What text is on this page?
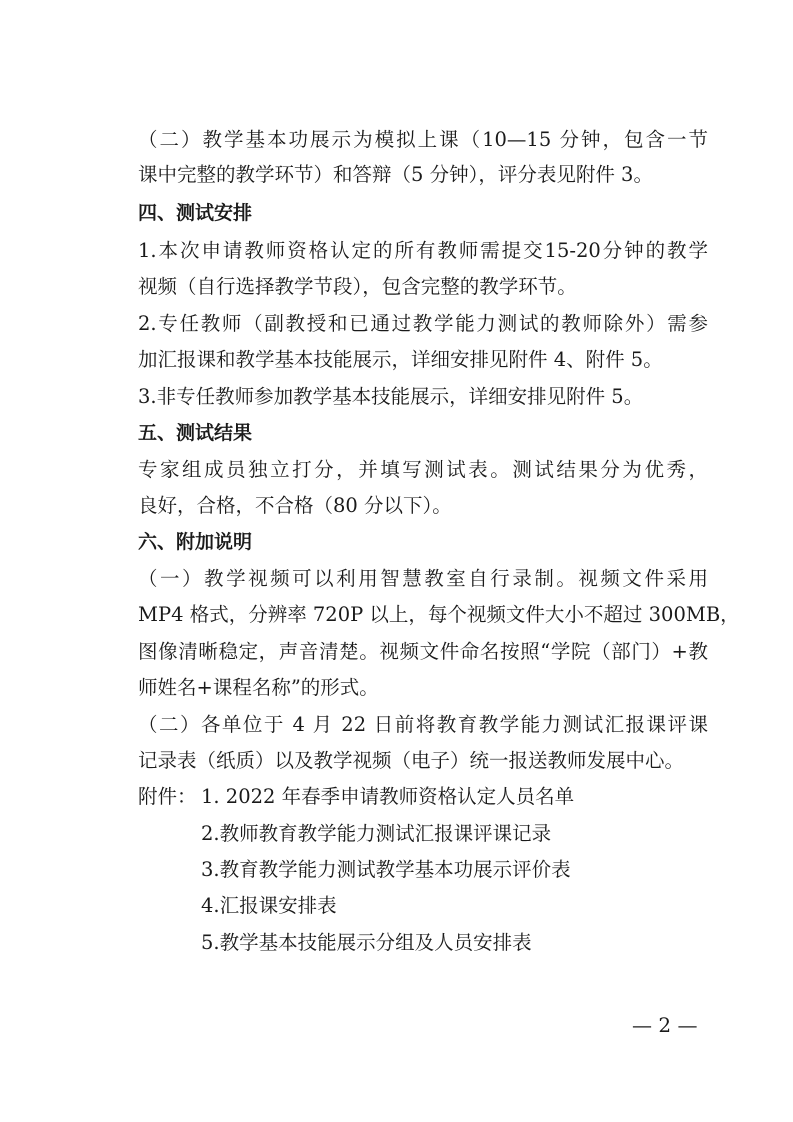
（二）教学基本功展示为模拟上课（10—15 分钟，包含一节
课中完整的教学环节）和答辩（5 分钟），评分表见附件 3。
四、测试安排
1.本次申请教师资格认定的所有教师需提交15-20分钟的教学
视频（自行选择教学节段），包含完整的教学环节。
2.专任教师（副教授和已通过教学能力测试的教师除外）需参
加汇报课和教学基本技能展示，详细安排见附件 4、附件 5。
3.非专任教师参加教学基本技能展示，详细安排见附件 5。
五、测试结果
专家组成员独立打分，并填写测试表。测试结果分为优秀，
良好，合格，不合格（80 分以下）。
六、附加说明
（一）教学视频可以利用智慧教室自行录制。视频文件采用
MP4 格式，分辨率 720P 以上，每个视频文件大小不超过 300MB，
图像清晰稳定，声音清楚。视频文件命名按照“学院（部门）+教
师姓名+课程名称”的形式。
（二）各单位于 4 月 22 日前将教育教学能力测试汇报课评课
记录表（纸质）以及教学视频（电子）统一报送教师发展中心。
附件： 1. 2022 年春季申请教师资格认定人员名单
2.教师教育教学能力测试汇报课评课记录
3.教育教学能力测试教学基本功展示评价表
4.汇报课安排表
5.教学基本技能展示分组及人员安排表
— 2 —
